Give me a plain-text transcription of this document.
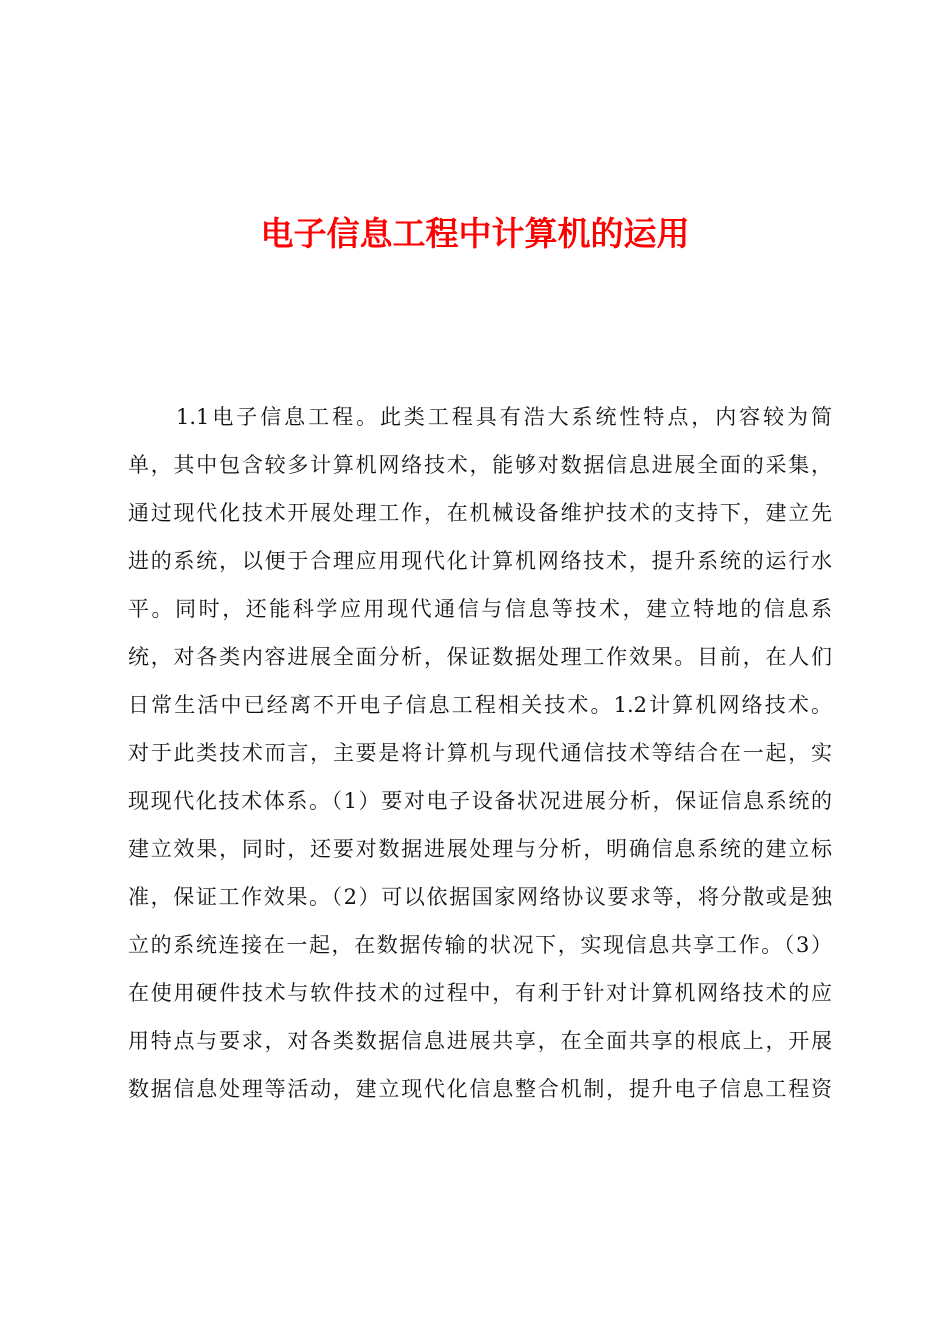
电子信息工程中计算机的运用
1.1电子信息工程。此类工程具有浩大系统性特点，内容较为简
单，其中包含较多计算机网络技术，能够对数据信息进展全面的采集，
通过现代化技术开展处理工作，在机械设备维护技术的支持下，建立先
进的系统，以便于合理应用现代化计算机网络技术，提升系统的运行水
平。同时，还能科学应用现代通信与信息等技术，建立特地的信息系
统，对各类内容进展全面分析，保证数据处理工作效果。目前，在人们
日常生活中已经离不开电子信息工程相关技术。1.2计算机网络技术。
对于此类技术而言，主要是将计算机与现代通信技术等结合在一起，实
现现代化技术体系。（1）要对电子设备状况进展分析，保证信息系统的
建立效果，同时，还要对数据进展处理与分析，明确信息系统的建立标
准，保证工作效果。（2）可以依据国家网络协议要求等，将分散或是独
立的系统连接在一起，在数据传输的状况下，实现信息共享工作。（3）
在使用硬件技术与软件技术的过程中，有利于针对计算机网络技术的应
用特点与要求，对各类数据信息进展共享，在全面共享的根底上，开展
数据信息处理等活动，建立现代化信息整合机制，提升电子信息工程资
